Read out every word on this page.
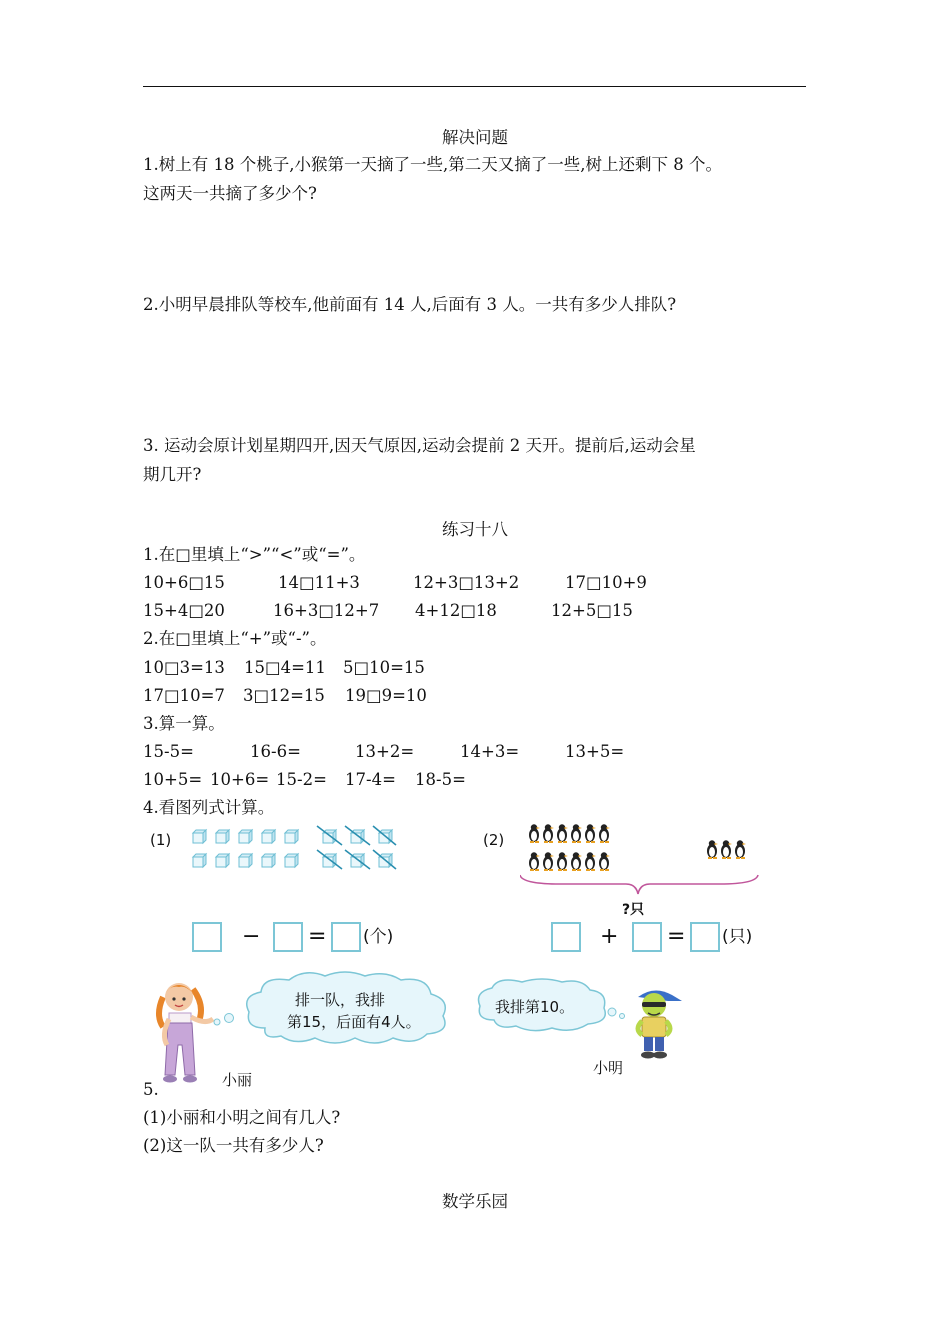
解决问题
1.树上有 18 个桃子,小猴第一天摘了一些,第二天又摘了一些,树上还剩下 8 个。
这两天一共摘了多少个?
2.小明早晨排队等校车,他前面有 14 人,后面有 3 人。一共有多少人排队?
3. 运动会原计划星期四开,因天气原因,运动会提前 2 天开。提前后,运动会星
期几开?
练习十八
1.在□里填上“>”“<”或“=”。
10+6□15	14□11+3	12+3□13+2	17□10+9
15+4□20	16+3□12+7 4+12□18	12+5□15
2.在□里填上“+”或“-”。
10□3=13 15□4=11 5□10=15
17□10=7 3□12=15 19□9=10
3.算一算。
15-5=	16-6=	13+2=	14+3=	13+5=
10+5= 10+6= 15-2= 17-4= 18-5=
4.看图列式计算。
(1)	(2)
?只
− = (个)	+ = (只)
排一队，我排
第15，后面有4人。
我排第10。
小丽
小明
5.
(1)小丽和小明之间有几人?
(2)这一队一共有多少人?
数学乐园
